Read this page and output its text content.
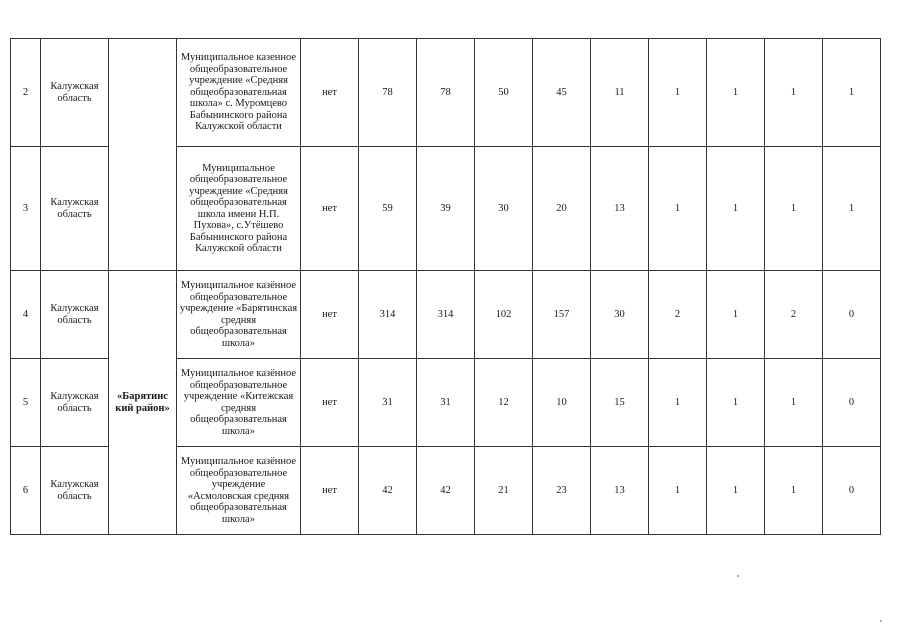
2	Калужская область		Муниципальное казенное общеобразовательное учреждение «Средняя общеобразовательная школа» с. Муромцево Бабынинского района Калужской области	нет	78	78	50	45	11	1	1	1	1
3	Калужская область		Муниципальное общеобразовательное учреждение «Средняя общеобразовательная школа имени Н.П. Пухова», с.Утёшево Бабынинского района Калужской области	нет	59	39	30	20	13	1	1	1	1
4	Калужская область	«Барятинс кий район»	Муниципальное казённое общеобразовательное учреждение «Барятинская средняя общеобразовательная школа»	нет	314	314	102	157	30	2	1	2	0
5	Калужская область		Муниципальное казённое общеобразовательное учреждение «Китежская средняя общеобразовательная школа»	нет	31	31	12	10	15	1	1	1	0
6	Калужская область		Муниципальное казённое общеобразовательное учреждение «Асмоловская средняя общеобразовательная школа»	нет	42	42	21	23	13	1	1	1	0
